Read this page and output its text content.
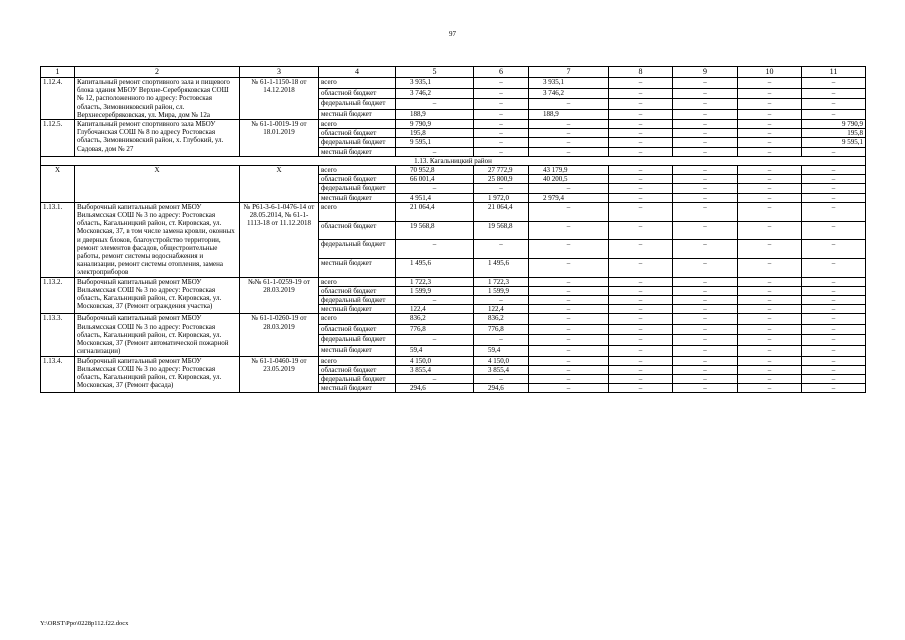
97
1	2	3	4	5	6	7	8	9	10	11
1.12.4.	Капитальный ремонт спортивного зала и пищевого блока здания МБОУ Верхне-Серебряковская СОШ № 12, расположенного по адресу: Ростовская область, Зимовниковский район, сл. Верхнесеребряковская, ул. Мира, дом № 12а	№ 61-1-1150-18 от 14.12.2018	всего	3 935,1	–	3 935,1	–	–	–	–
			областной бюджет	3 746,2	–	3 746,2	–	–	–	–
			федеральный бюджет	–	–	–	–	–	–	–
			местный бюджет	188,9	–	188,9	–	–	–	–
1.12.5.	Капитальный ремонт спортивного зала МБОУ Глубочанская СОШ № 8 по адресу Ростовская область, Зимовниковский район, х. Глубокий, ул. Садовая, дом № 27	№ 61-1-0019-19 от 18.01.2019	всего	9 790,9	–	–	–	–	–	9 790,9
			областной бюджет	195,8	–	–	–	–	–	195,8
			федеральный бюджет	9 595,1	–	–	–	–	–	9 595,1
			местный бюджет	–	–	–	–	–	–	–
1.13. Кагальницкий район										
Х	Х	Х	всего	70 952,8	27 772,9	43 179,9	–	–	–	–
			областной бюджет	66 001,4	25 800,9	40 200,5	–	–	–	–
			федеральный бюджет	–	–	–	–	–	–	–
			местный бюджет	4 951,4	1 972,0	2 979,4	–	–	–	–
1.13.1.	Выборочный капитальный ремонт МБОУ Вильямсская СОШ № 3 по адресу: Ростовская область, Кагальницкий район, ст. Кировская, ул. Московская, 37, в том числе замена кровли, оконных и дверных блоков, благоустройство территории, ремонт элементов фасадов, общестроительные работы, ремонт системы водоснабжения и канализации, ремонт системы отопления, замена электроприборов	№ Р61-3-6-1-0476-14 от 28.05.2014, № 61-1-1113-18 от 11.12.2018	всего	21 064,4	21 064,4	–	–	–	–	–
			областной бюджет	19 568,8	19 568,8	–	–	–	–	–
			федеральный бюджет	–	–	–	–	–	–	–
			местный бюджет	1 495,6	1 495,6	–	–	–	–	–
1.13.2.	Выборочный капитальный ремонт МБОУ Вильямсская СОШ № 3 по адресу: Ростовская область, Кагальницкий район, ст. Кировская, ул. Московская, 37 (Ремонт ограждения участка)	№№ 61-1-0259-19 от 28.03.2019	всего	1 722,3	1 722,3	–	–	–	–	–
			областной бюджет	1 599,9	1 599,9	–	–	–	–	–
			федеральный бюджет	–	–	–	–	–	–	–
			местный бюджет	122,4	122,4	–	–	–	–	–
1.13.3.	Выборочный капитальный ремонт МБОУ Вильямсская СОШ № 3 по адресу: Ростовская область, Кагальницкий район, ст. Кировская, ул. Московская, 37 (Ремонт автоматической пожарной сигнализации)	№ 61-1-0260-19 от 28.03.2019	всего	836,2	836,2	–	–	–	–	–
			областной бюджет	776,8	776,8	–	–	–	–	–
			федеральный бюджет	–	–	–	–	–	–	–
			местный бюджет	59,4	59,4	–	–	–	–	–
1.13.4.	Выборочный капитальный ремонт МБОУ Вильямсская СОШ № 3 по адресу: Ростовская область, Кагальницкий район, ст. Кировская, ул. Московская, 37 (Ремонт фасада)	№ 61-1-0460-19 от 23.05.2019	всего	4 150,0	4 150,0	–	–	–	–	–
			областной бюджет	3 855,4	3 855,4	–	–	–	–	–
			федеральный бюджет	–	–	–	–	–	–	–
			местный бюджет	294,6	294,6	–	–	–	–	–
Y:\ORST\Ppo\0228p112.f22.docx
